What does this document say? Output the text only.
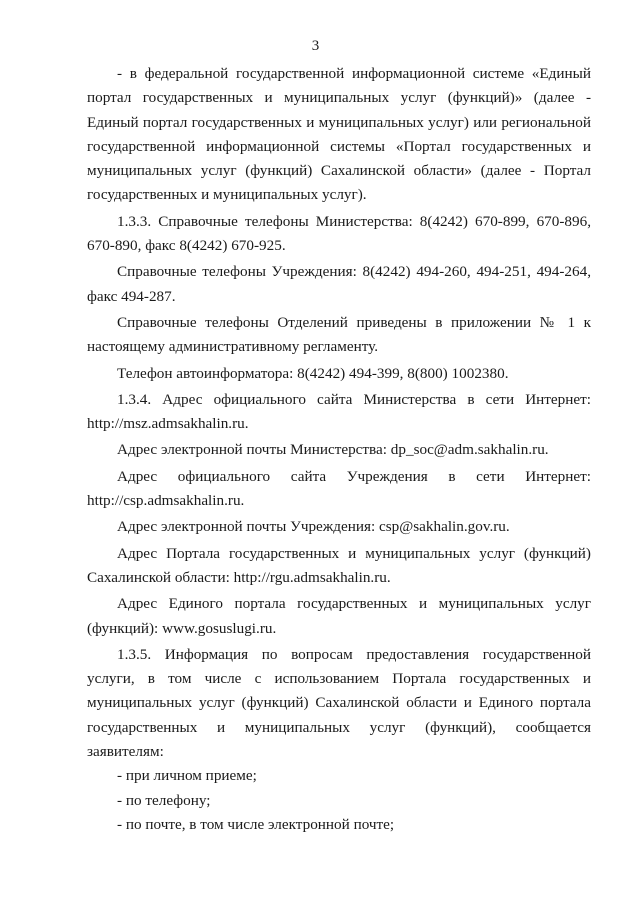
3

- в федеральной государственной информационной системе «Единый портал государственных и муниципальных услуг (функций)» (далее - Единый портал государственных и муниципальных услуг) или региональной государственной информационной системы «Портал государственных и муниципальных услуг (функций) Сахалинской области» (далее - Портал государственных и муниципальных услуг).

1.3.3. Справочные телефоны Министерства: 8(4242) 670-899, 670-896, 670-890, факс 8(4242) 670-925.

Справочные телефоны Учреждения: 8(4242) 494-260, 494-251, 494-264, факс 494-287.

Справочные телефоны Отделений приведены в приложении № 1 к настоящему административному регламенту.

Телефон автоинформатора: 8(4242) 494-399, 8(800) 1002380.

1.3.4. Адрес официального сайта Министерства в сети Интернет: http://msz.admsakhalin.ru.

Адрес электронной почты Министерства: dp_soc@adm.sakhalin.ru.

Адрес официального сайта Учреждения в сети Интернет: http://csp.admsakhalin.ru.

Адрес электронной почты Учреждения: csp@sakhalin.gov.ru.

Адрес Портала государственных и муниципальных услуг (функций) Сахалинской области: http://rgu.admsakhalin.ru.

Адрес Единого портала государственных и муниципальных услуг (функций): www.gosuslugi.ru.

1.3.5. Информация по вопросам предоставления государственной услуги, в том числе с использованием Портала государственных и муниципальных услуг (функций) Сахалинской области и Единого портала государственных и муниципальных услуг (функций), сообщается заявителям:

- при личном приеме;

- по телефону;

- по почте, в том числе электронной почте;
